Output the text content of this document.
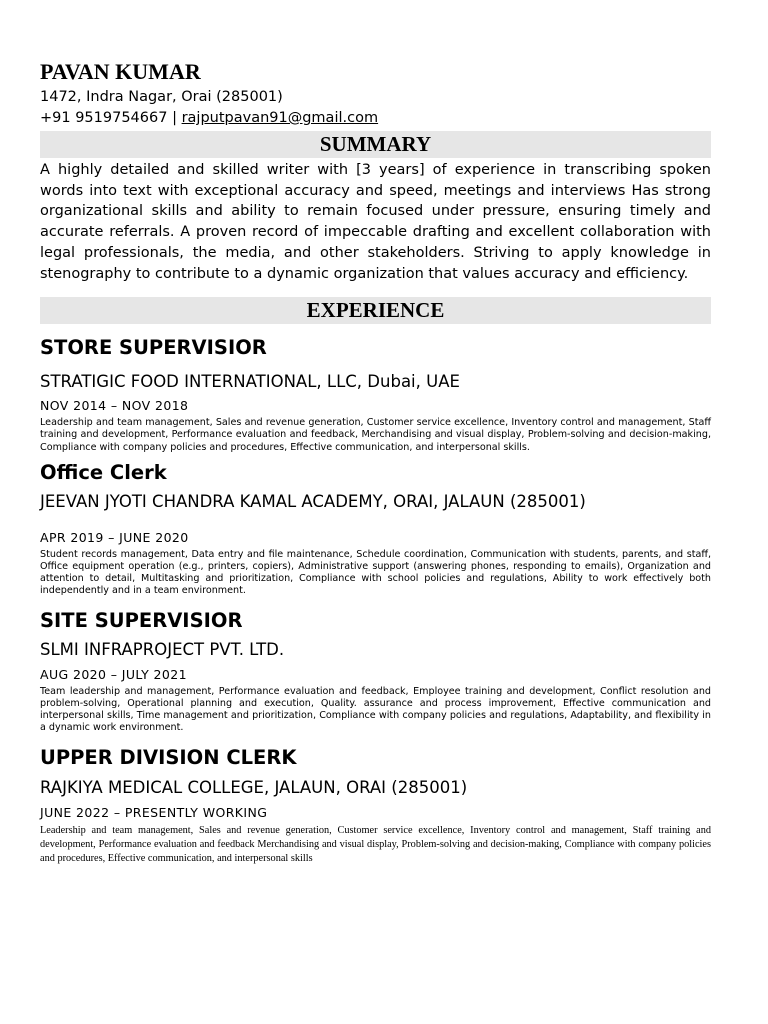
PAVAN KUMAR
1472, Indra Nagar, Orai (285001)
+91 9519754667 | rajputpavan91@gmail.com
SUMMARY

A highly detailed and skilled writer with [3 years] of experience in transcribing spoken words into text with exceptional accuracy and speed, meetings and interviews Has strong organizational skills and ability to remain focused under pressure, ensuring timely and accurate referrals. A proven record of impeccable drafting and excellent collaboration with legal professionals, the media, and other stakeholders. Striving to apply knowledge in stenography to contribute to a dynamic organization that values accuracy and efficiency.

EXPERIENCE
STORE SUPERVISIOR
STRATIGIC FOOD INTERNATIONAL, LLC, Dubai, UAE
NOV 2014 – NOV 2018

Leadership and team management, Sales and revenue generation, Customer service excellence, Inventory control and management, Staff training and development, Performance evaluation and feedback, Merchandising and visual display, Problem-solving and decision-making, Compliance with company policies and procedures, Effective communication, and interpersonal skills.

Office Clerk
JEEVAN JYOTI CHANDRA KAMAL ACADEMY, ORAI, JALAUN (285001)
APR 2019 – JUNE 2020

Student records management, Data entry and file maintenance, Schedule coordination, Communication with students, parents, and staff, Office equipment operation (e.g., printers, copiers), Administrative support (answering phones, responding to emails), Organization and attention to detail, Multitasking and prioritization, Compliance with school policies and regulations, Ability to work effectively both independently and in a team environment.

SITE SUPERVISIOR
SLMI INFRAPROJECT PVT. LTD.
AUG 2020 – JULY 2021

Team leadership and management, Performance evaluation and feedback, Employee training and development, Conflict resolution and problem-solving, Operational planning and execution, Quality. assurance and process improvement, Effective communication and interpersonal skills, Time management and prioritization, Compliance with company policies and regulations, Adaptability, and flexibility in a dynamic work environment.

UPPER DIVISION CLERK
RAJKIYA MEDICAL COLLEGE, JALAUN, ORAI (285001)
JUNE 2022 – PRESENTLY WORKING

Leadership and team management, Sales and revenue generation, Customer service excellence, Inventory control and management, Staff training and development, Performance evaluation and feedback Merchandising and visual display, Problem-solving and decision-making, Compliance with company policies and procedures, Effective communication, and interpersonal skills
